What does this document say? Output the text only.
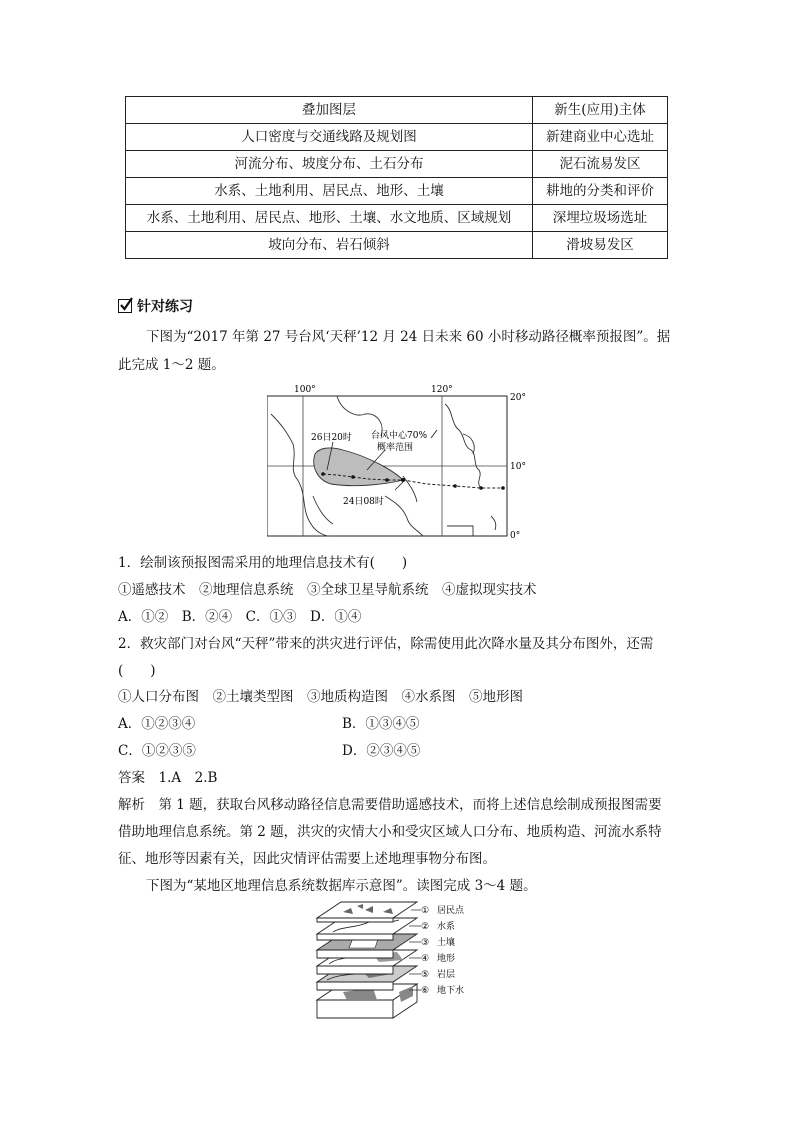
叠加图层	新生(应用)主体
人口密度与交通线路及规划图	新建商业中心选址
河流分布、坡度分布、土石分布	泥石流易发区
水系、土地利用、居民点、地形、土壤	耕地的分类和评价
水系、土地利用、居民点、地形、土壤、水文地质、区域规划	深埋垃圾场选址
坡向分布、岩石倾斜	滑坡易发区
针对练习
下图为“2017 年第 27 号台风‘天秤’12 月 24 日未来 60 小时移动路径概率预报图”。据
此完成 1～2 题。
100°	120°
20°
10°
0°
26日20时 台风中心70%
概率范围
24日08时
1．绘制该预报图需采用的地理信息技术有(　　)
①遥感技术　②地理信息系统　③全球卫星导航系统　④虚拟现实技术
A．①②　B．②④　C．①③　D．①④
2．救灾部门对台风“天秤”带来的洪灾进行评估，除需使用此次降水量及其分布图外，还需
(　　)
①人口分布图　②土壤类型图　③地质构造图　④水系图　⑤地形图
A．①②③④	B．①③④⑤
C．①②③⑤	D．②③④⑤
答案　1.A　2.B
解析　第 1 题，获取台风移动路径信息需要借助遥感技术，而将上述信息绘制成预报图需要
借助地理信息系统。第 2 题，洪灾的灾情大小和受灾区域人口分布、地质构造、河流水系特
征、地形等因素有关，因此灾情评估需要上述地理事物分布图。
下图为“某地区地理信息系统数据库示意图”。读图完成 3～4 题。
① 居民点
② 水系
③ 土壤
④ 地形
⑤ 岩层
⑥ 地下水
